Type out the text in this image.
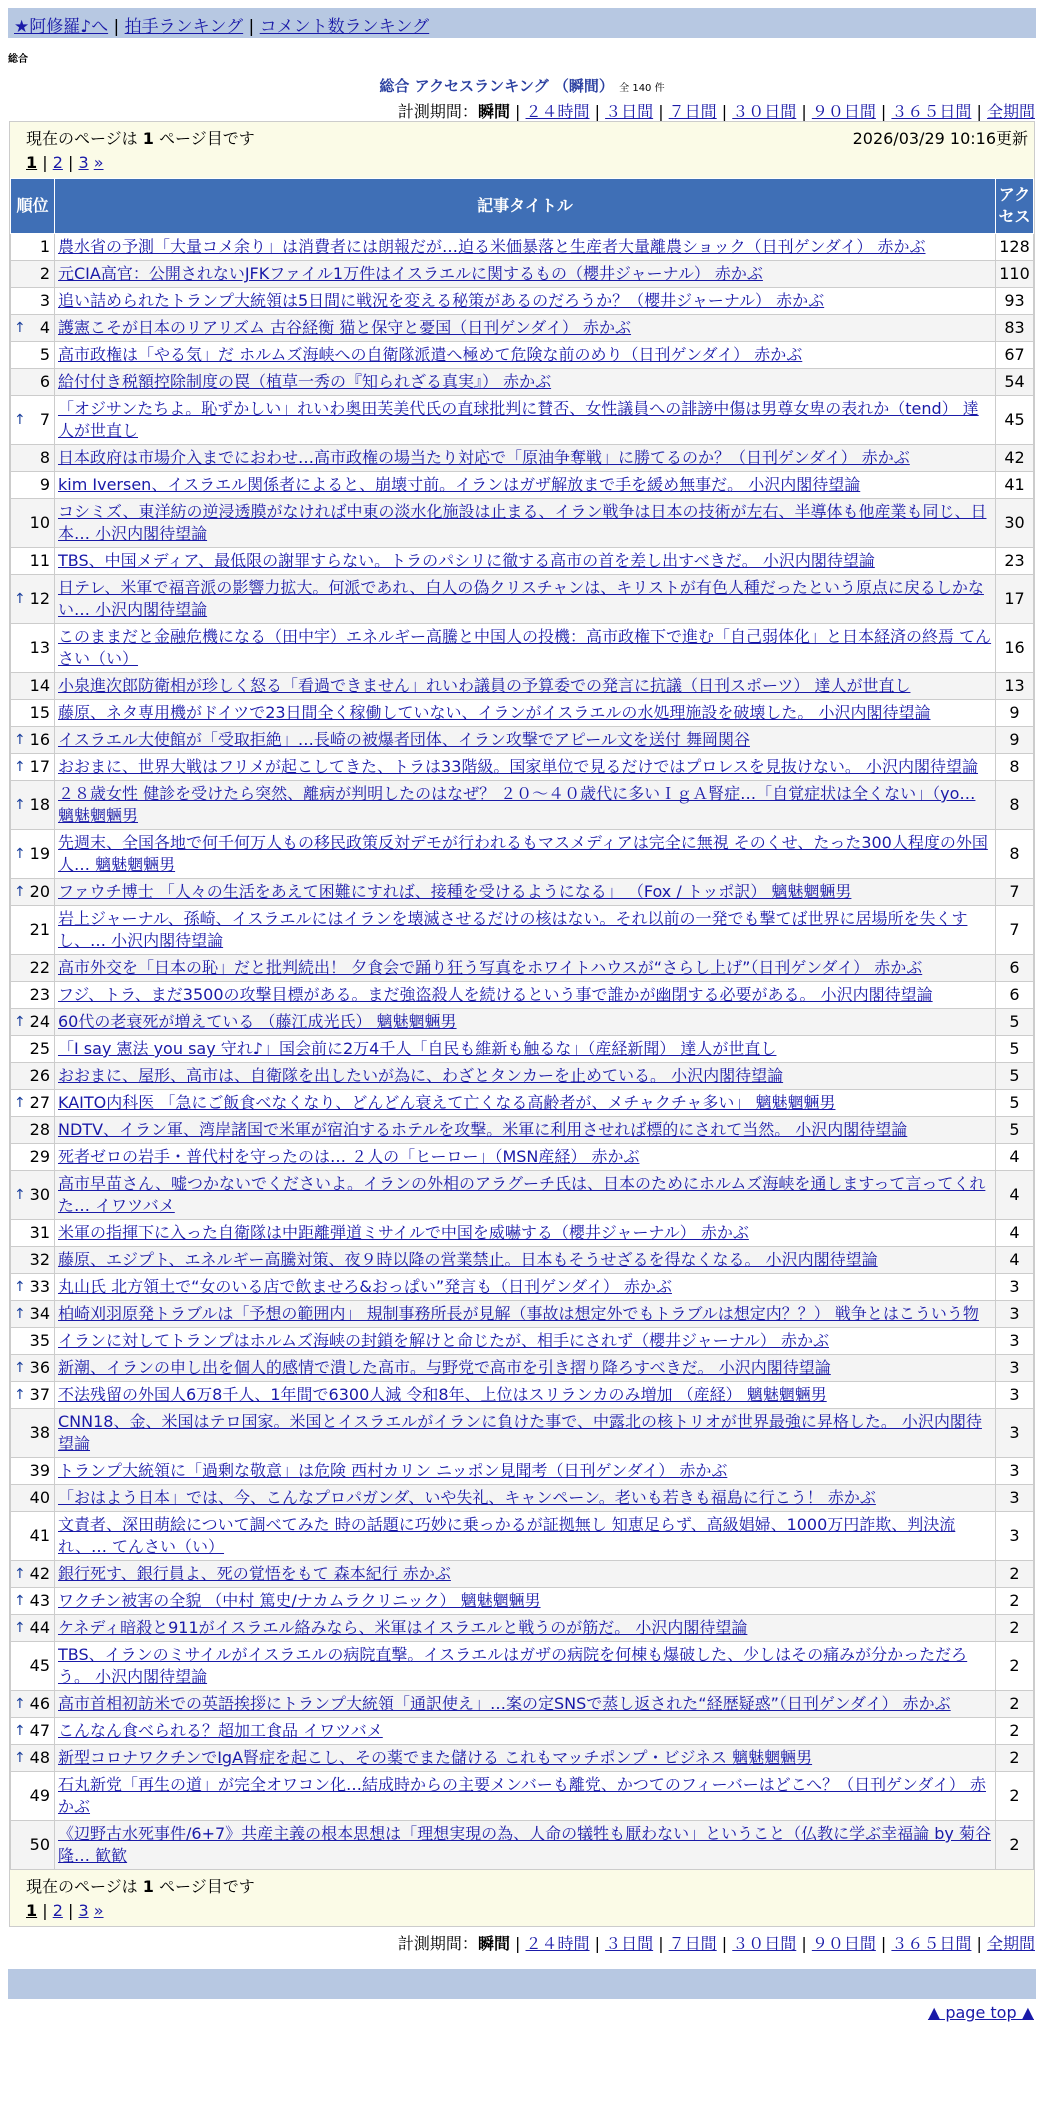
★阿修羅♪へ | 拍手ランキング | コメント数ランキング
総合
総合 アクセスランキング （瞬間） 全 140 件
計測期間：瞬間 | ２４時間 | ３日間 | ７日間 | ３０日間 | ９０日間 | ３６５日間 | 全期間
現在のページは 1 ページ目です	2026/03/29 10:16更新
1 | 2 | 3 »
順位	記事タイトル	アクセス
1	農水省の予測「大量コメ余り」は消費者には朗報だが…迫る米価暴落と生産者大量離農ショック（日刊ゲンダイ） 赤かぶ	128
2	元CIA高官：公開されないJFKファイル1万件はイスラエルに関するもの（櫻井ジャーナル） 赤かぶ	110
3	追い詰められたトランプ大統領は5日間に戦況を変える秘策があるのだろうか？（櫻井ジャーナル） 赤かぶ	93

↑ 4	護憲こそが日本のリアリズム 古谷経衡 猫と保守と憂国（日刊ゲンダイ） 赤かぶ	83
5	高市政権は「やる気」だ ホルムズ海峡への自衛隊派遣へ極めて危険な前のめり（日刊ゲンダイ） 赤かぶ	67
6	給付付き税額控除制度の罠（植草一秀の『知られざる真実』） 赤かぶ	54

↑ 7	「オジサンたちよ。恥ずかしい」れいわ奥田芙美代氏の直球批判に賛否、女性議員への誹謗中傷は男尊女卑の表れか（tend） 達人が世直し	45
8	日本政府は市場介入までにおわせ…高市政権の場当たり対応で「原油争奪戦」に勝てるのか？（日刊ゲンダイ） 赤かぶ	42
9	kim Iversen、イスラエル関係者によると、崩壊寸前。イランはガザ解放まで手を緩め無事だ。 小沢内閣待望論	41
10	コシミズ、東洋紡の逆浸透膜がなければ中東の淡水化施設は止まる、イラン戦争は日本の技術が左右、半導体も他産業も同じ、日本… 小沢内閣待望論	30
11	TBS、中国メディア、最低限の謝罪すらない。トラのパシリに徹する高市の首を差し出すべきだ。 小沢内閣待望論	23

↑ 12	日テレ、米軍で福音派の影響力拡大。何派であれ、白人の偽クリスチャンは、キリストが有色人種だったという原点に戻るしかない… 小沢内閣待望論	17
13	このままだと金融危機になる（田中宇）エネルギー高騰と中国人の投機：高市政権下で進む「自己弱体化」と日本経済の終焉 てんさい（い）	16
14	小泉進次郎防衛相が珍しく怒る「看過できません」れいわ議員の予算委での発言に抗議（日刊スポーツ） 達人が世直し	13
15	藤原、ネタ専用機がドイツで23日間全く稼働していない、イランがイスラエルの水処理施設を破壊した。 小沢内閣待望論	9

↑ 16	イスラエル大使館が「受取拒絶」…長崎の被爆者団体、イラン攻撃でアピール文を送付 舞岡関谷	9

↑ 17	おおまに、世界大戦はフリメが起こしてきた、トラは33階級。国家単位で見るだけではプロレスを見抜けない。 小沢内閣待望論	8

↑ 18	２８歳女性 健診を受けたら突然、離病が判明したのはなぜ？ ２０～４０歳代に多いＩｇＡ腎症…「自覚症状は全くない」（yo… 魑魅魍魎男	8

↑ 19	先週末、全国各地で何千何万人もの移民政策反対デモが行われるもマスメディアは完全に無視 そのくせ、たった300人程度の外国人… 魑魅魍魎男	8

↑ 20	ファウチ博士 「人々の生活をあえて困難にすれば、接種を受けるようになる」 （Fox / トッポ訳） 魑魅魍魎男	7
21	岩上ジャーナル、孫崎、イスラエルにはイランを壊滅させるだけの核はない。それ以前の一発でも撃てば世界に居場所を失くすし、… 小沢内閣待望論	7
22	高市外交を「日本の恥」だと批判続出！ 夕食会で踊り狂う写真をホワイトハウスが“さらし上げ”（日刊ゲンダイ） 赤かぶ	6
23	フジ、トラ、まだ3500の攻撃目標がある。まだ強盗殺人を続けるという事で誰かが幽閉する必要がある。 小沢内閣待望論	6

↑ 24	60代の老衰死が増えている （藤江成光氏） 魑魅魍魎男	5
25	「I say 憲法 you say 守れ♪」国会前に2万4千人「自民も維新も触るな」（産経新聞） 達人が世直し	5
26	おおまに、屋形、高市は、自衛隊を出したいが為に、わざとタンカーを止めている。 小沢内閣待望論	5

↑ 27	KAITO内科医 「急にご飯食べなくなり、どんどん衰えて亡くなる高齢者が、メチャクチャ多い」 魑魅魍魎男	5
28	NDTV、イラン軍、湾岸諸国で米軍が宿泊するホテルを攻撃。米軍に利用させれば標的にされて当然。 小沢内閣待望論	5
29	死者ゼロの岩手・普代村を守ったのは… ２人の「ヒーロー」（MSN産経） 赤かぶ	4

↑ 30	高市早苗さん、嘘つかないでくださいよ。イランの外相のアラグーチ氏は、日本のためにホルムズ海峡を通しますって言ってくれた… イワツバメ	4
31	米軍の指揮下に入った自衛隊は中距離弾道ミサイルで中国を威嚇する（櫻井ジャーナル） 赤かぶ	4
32	藤原、エジプト、エネルギー高騰対策、夜９時以降の営業禁止。日本もそうせざるを得なくなる。 小沢内閣待望論	4

↑ 33	丸山氏 北方領土で“女のいる店で飲ませろ&おっぱい”発言も（日刊ゲンダイ） 赤かぶ	3

↑ 34	柏崎刈羽原発トラブルは「予想の範囲内」 規制事務所長が見解（事故は想定外でもトラブルは想定内？？） 戦争とはこういう物	3
35	イランに対してトランプはホルムズ海峡の封鎖を解けと命じたが、相手にされず（櫻井ジャーナル） 赤かぶ	3

↑ 36	新潮、イランの申し出を個人的感情で潰した高市。与野党で高市を引き摺り降ろすべきだ。 小沢内閣待望論	3

↑ 37	不法残留の外国人6万8千人、1年間で6300人減 令和8年、上位はスリランカのみ増加 （産経） 魑魅魍魎男	3
38	CNN18、金、米国はテロ国家。米国とイスラエルがイランに負けた事で、中露北の核トリオが世界最強に昇格した。 小沢内閣待望論	3
39	トランプ大統領に「過剰な敬意」は危険 西村カリン ニッポン見聞考（日刊ゲンダイ） 赤かぶ	3
40	「おはよう日本」では、今、こんなプロパガンダ、いや失礼、キャンペーン。老いも若きも福島に行こう！ 赤かぶ	3
41	文責者、深田萌絵について調べてみた 時の話題に巧妙に乗っかるが証拠無し 知恵足らず、高級娼婦、1000万円詐欺、判決流れ、… てんさい（い）	3

↑ 42	銀行死す、銀行員よ、死の覚悟をもて 森本紀行 赤かぶ	2

↑ 43	ワクチン被害の全貌 （中村 篤史/ナカムラクリニック） 魑魅魍魎男	2

↑ 44	ケネディ暗殺と911がイスラエル絡みなら、米軍はイスラエルと戦うのが筋だ。 小沢内閣待望論	2
45	TBS、イランのミサイルがイスラエルの病院直撃。イスラエルはガザの病院を何棟も爆破した、少しはその痛みが分かっただろう。 小沢内閣待望論	2

↑ 46	高市首相初訪米での英語挨拶にトランプ大統領「通訳使え」…案の定SNSで蒸し返された“経歴疑惑”（日刊ゲンダイ） 赤かぶ	2

↑ 47	こんなん食べられる？超加工食品 イワツバメ	2

↑ 48	新型コロナワクチンでIgA腎症を起こし、その薬でまた儲ける これもマッチポンプ・ビジネス 魑魅魍魎男	2
49	石丸新党「再生の道」が完全オワコン化…結成時からの主要メンバーも離党、かつてのフィーバーはどこへ？（日刊ゲンダイ） 赤かぶ	2
50	《辺野古水死事件/6+7》共産主義の根本思想は「理想実現の為、人命の犠牲も厭わない」ということ（仏教に学ぶ幸福論 by 菊谷隆… 歓歓	2
現在のページは 1 ページ目です
1 | 2 | 3 »
計測期間：瞬間 | ２４時間 | ３日間 | ７日間 | ３０日間 | ９０日間 | ３６５日間 | 全期間
▲ page top ▲
